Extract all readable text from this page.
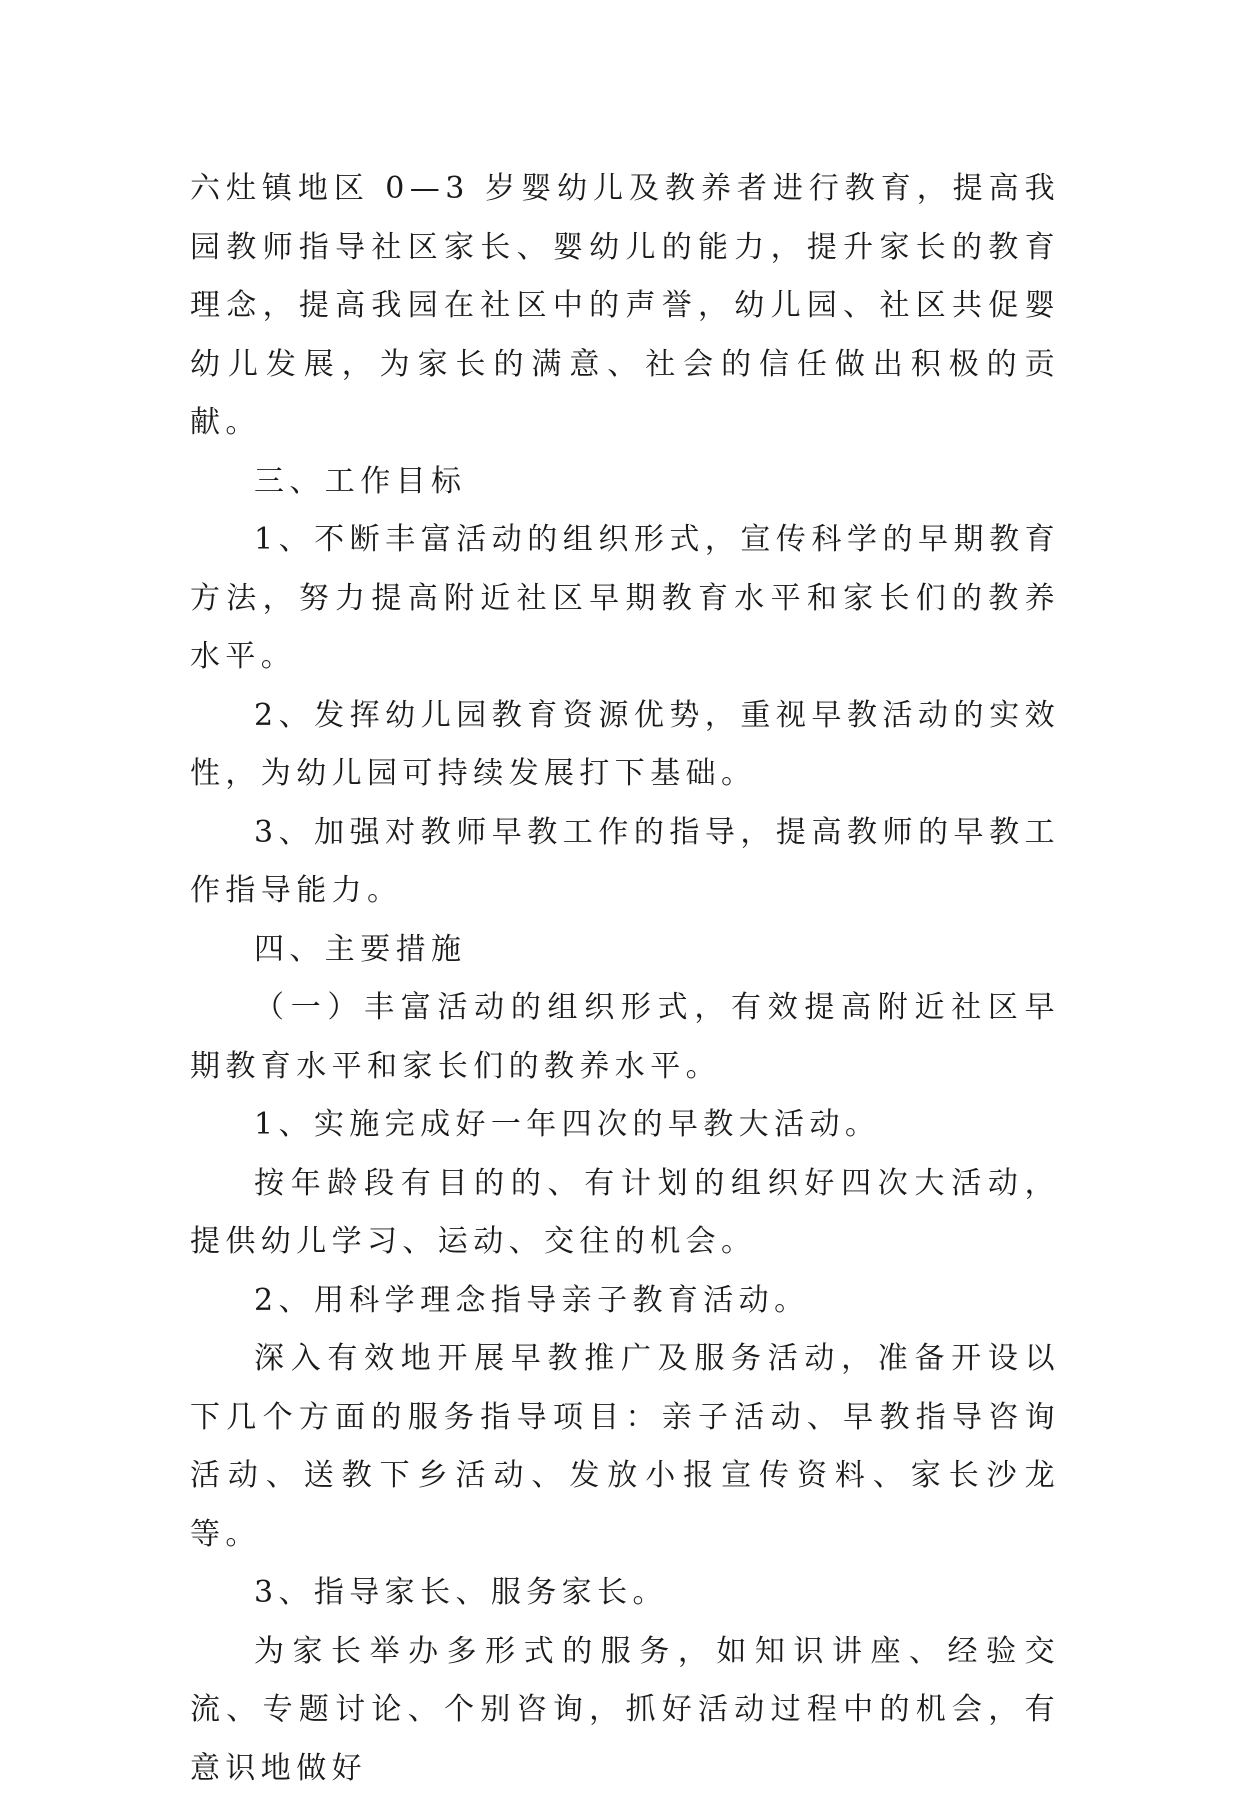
六灶镇地区 0—3 岁婴幼儿及教养者进行教育，提高我园教师指导社区家长、婴幼儿的能力，提升家长的教育理念，提高我园在社区中的声誉，幼儿园、社区共促婴幼儿发展，为家长的满意、社会的信任做出积极的贡献。

三、工作目标

1、不断丰富活动的组织形式，宣传科学的早期教育方法，努力提高附近社区早期教育水平和家长们的教养水平。

2、发挥幼儿园教育资源优势，重视早教活动的实效性，为幼儿园可持续发展打下基础。

3、加强对教师早教工作的指导，提高教师的早教工作指导能力。

四、主要措施

（一）丰富活动的组织形式，有效提高附近社区早期教育水平和家长们的教养水平。

1、实施完成好一年四次的早教大活动。

按年龄段有目的的、有计划的组织好四次大活动，提供幼儿学习、运动、交往的机会。

2、用科学理念指导亲子教育活动。

深入有效地开展早教推广及服务活动，准备开设以下几个方面的服务指导项目：亲子活动、早教指导咨询活动、送教下乡活动、发放小报宣传资料、家长沙龙等。

3、指导家长、服务家长。

为家长举办多形式的服务，如知识讲座、经验交流、专题讨论、个别咨询，抓好活动过程中的机会，有意识地做好
